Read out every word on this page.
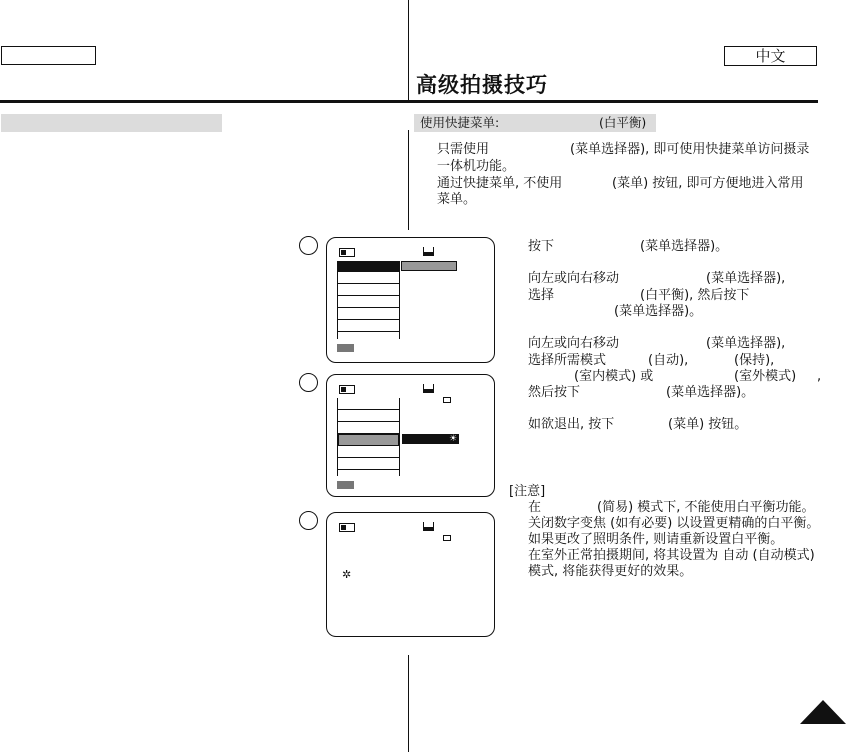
中文
高级拍摄技巧
使用快捷菜单:	(白平衡)
只需使用	(菜单选择器), 即可使用快捷菜单访问摄录
一体机功能。
通过快捷菜单, 不使用	(菜单) 按钮, 即可方便地进入常用
菜单。
☀
✲
按下	(菜单选择器)。
向左或向右移动	(菜单选择器),
选择	(白平衡), 然后按下
(菜单选择器)。
向左或向右移动	(菜单选择器),
选择所需模式	(自动),	(保持),
(室内模式) 或	(室外模式) ,
然后按下	(菜单选择器)。
如欲退出, 按下	(菜单) 按钮。
[注意]
在	(简易) 模式下, 不能使用白平衡功能。
关闭数字变焦 (如有必要) 以设置更精确的白平衡。
如果更改了照明条件, 则请重新设置白平衡。
在室外正常拍摄期间, 将其设置为 自动 (自动模式)
模式, 将能获得更好的效果。
